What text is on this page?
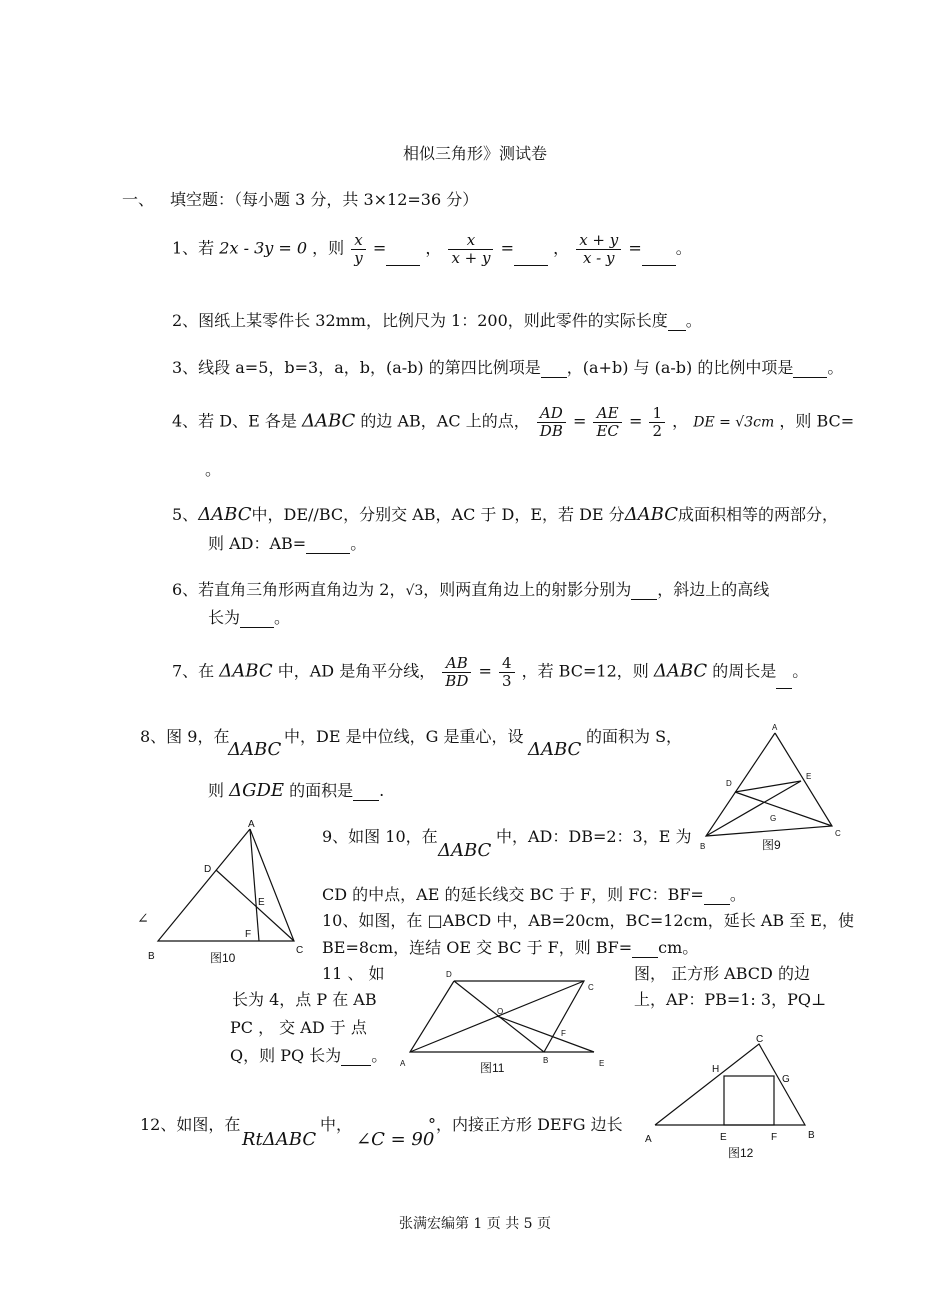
相似三角形》测试卷
一、 填空题：（每小题 3 分，共 3×12=36 分）
1、若 2x - 3y = 0 ，则 $\frac{x}{y}$ = ， $\frac{x}{x + y}$ = ， $\frac{x + y}{x - y}$ = 。
2、图纸上某零件长 32mm，比例尺为 1：200，则此零件的实际长度 。
3、线段 a=5，b=3，a，b，(a-b) 的第四比例项是 ，(a+b) 与 (a-b) 的比例中项是 。
4、若 D、E 各是 ΔABC 的边 AB，AC 上的点， $\frac{AD}{DB} = \frac{AE}{EC} = \frac{1}{2}$ ， DE = √3cm ，则 BC=
。
5、ΔABC中，DE//BC，分别交 AB，AC 于 D，E，若 DE 分ΔABC成面积相等的两部分，
则 AD：AB=	。
6、若直角三角形两直角边为 2，√3，则两直角边上的射影分别为 ，斜边上的高线
长为 。
7、在 ΔABC 中，AD 是角平分线， $\frac{AB}{BD} = \frac{4}{3}$ ，若 BC=12，则 ΔABC 的周长是 。
8、图 9，在
ΔABC
中，DE 是中位线，G 是重心，设
ΔABC
的面积为 S，
则 ΔGDE 的面积是 .
A
B
C
D
E
G
图9
A
B
C
D
E
F
图10
∠
9、如图 10，在
ΔABC
中，AD：DB=2：3，E 为
CD 的中点，AE 的延长线交 BC 于 F，则 FC：BF= 。
10、如图，在 □ABCD 中，AB=20cm，BC=12cm，延长 AB 至 E，使
BE=8cm，连结 OE 交 BC 于 F，则 BF= cm。
11 、 如	图， 正方形 ABCD 的边
长为 4，点 P 在 AB	上，AP：PB=1: 3，PQ⊥
PC ， 交 AD 于 点
Q，则 PQ 长为 。
D
C
A	B	E
F
O
图11
12、如图，在
RtΔABC
中，
∠C = 90
°，内接正方形 DEFG 边长
C
H
G
A	E	F	B
图12
张满宏编第 1 页 共 5 页
